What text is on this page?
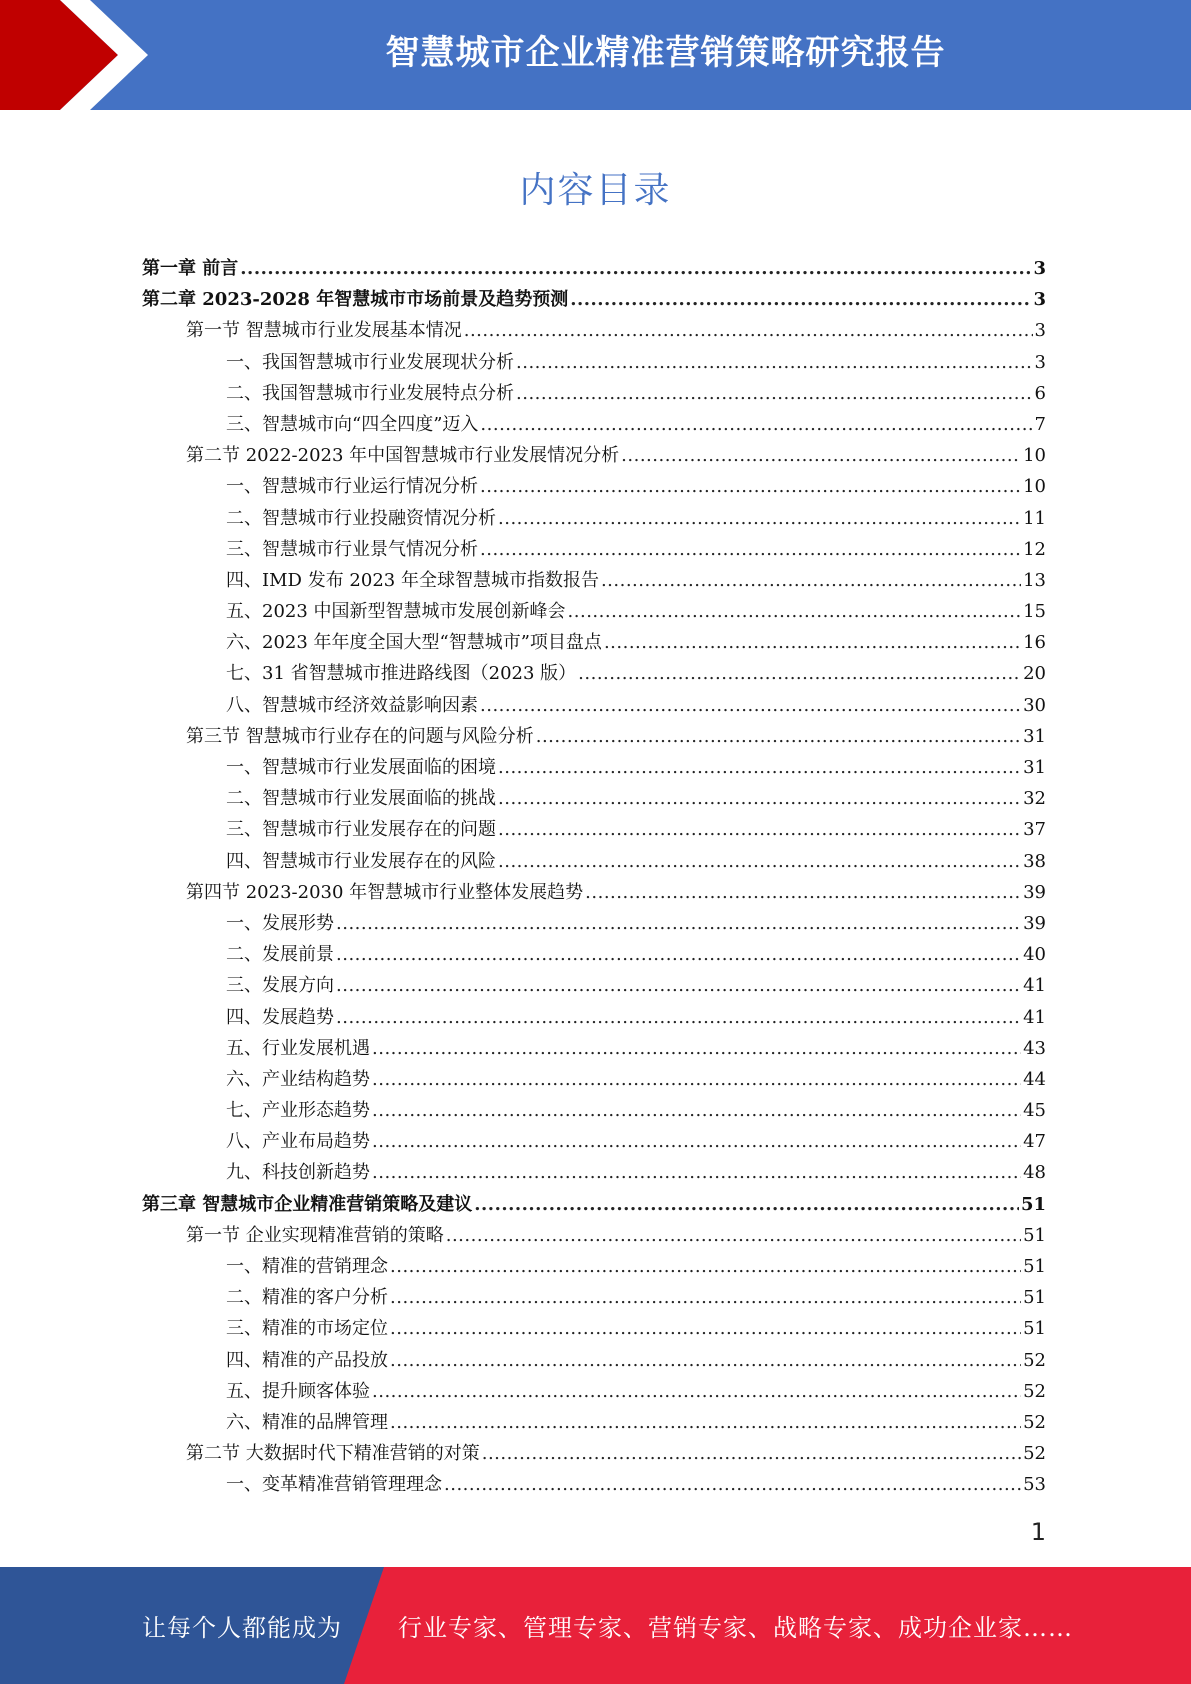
智慧城市企业精准营销策略研究报告
内容目录
第一章 前言 .....	3
第二章 2023-2028 年智慧城市市场前景及趋势预测 .....	3
第一节 智慧城市行业发展基本情况 .....	3
一、我国智慧城市行业发展现状分析 .....	3
二、我国智慧城市行业发展特点分析 .....	6
三、智慧城市向“四全四度”迈入 .....	7
第二节 2022-2023 年中国智慧城市行业发展情况分析 .....	10
一、智慧城市行业运行情况分析 .....	10
二、智慧城市行业投融资情况分析 .....	11
三、智慧城市行业景气情况分析 .....	12
四、IMD 发布 2023 年全球智慧城市指数报告 .....	13
五、2023 中国新型智慧城市发展创新峰会 .....	15
六、2023 年年度全国大型“智慧城市”项目盘点 .....	16
七、31 省智慧城市推进路线图（2023 版） .....	20
八、智慧城市经济效益影响因素 .....	30
第三节 智慧城市行业存在的问题与风险分析 .....	31
一、智慧城市行业发展面临的困境 .....	31
二、智慧城市行业发展面临的挑战 .....	32
三、智慧城市行业发展存在的问题 .....	37
四、智慧城市行业发展存在的风险 .....	38
第四节 2023-2030 年智慧城市行业整体发展趋势 .....	39
一、发展形势 .....	39
二、发展前景 .....	40
三、发展方向 .....	41
四、发展趋势 .....	41
五、行业发展机遇 .....	43
六、产业结构趋势 .....	44
七、产业形态趋势 .....	45
八、产业布局趋势 .....	47
九、科技创新趋势 .....	48
第三章 智慧城市企业精准营销策略及建议 .....	51
第一节 企业实现精准营销的策略 .....	51
一、精准的营销理念 .....	51
二、精准的客户分析 .....	51
三、精准的市场定位 .....	51
四、精准的产品投放 .....	52
五、提升顾客体验 .....	52
六、精准的品牌管理 .....	52
第二节 大数据时代下精准营销的对策 .....	52
一、变革精准营销管理理念 .....	53
1
让每个人都能成为 行业专家、管理专家、营销专家、战略专家、成功企业家……
